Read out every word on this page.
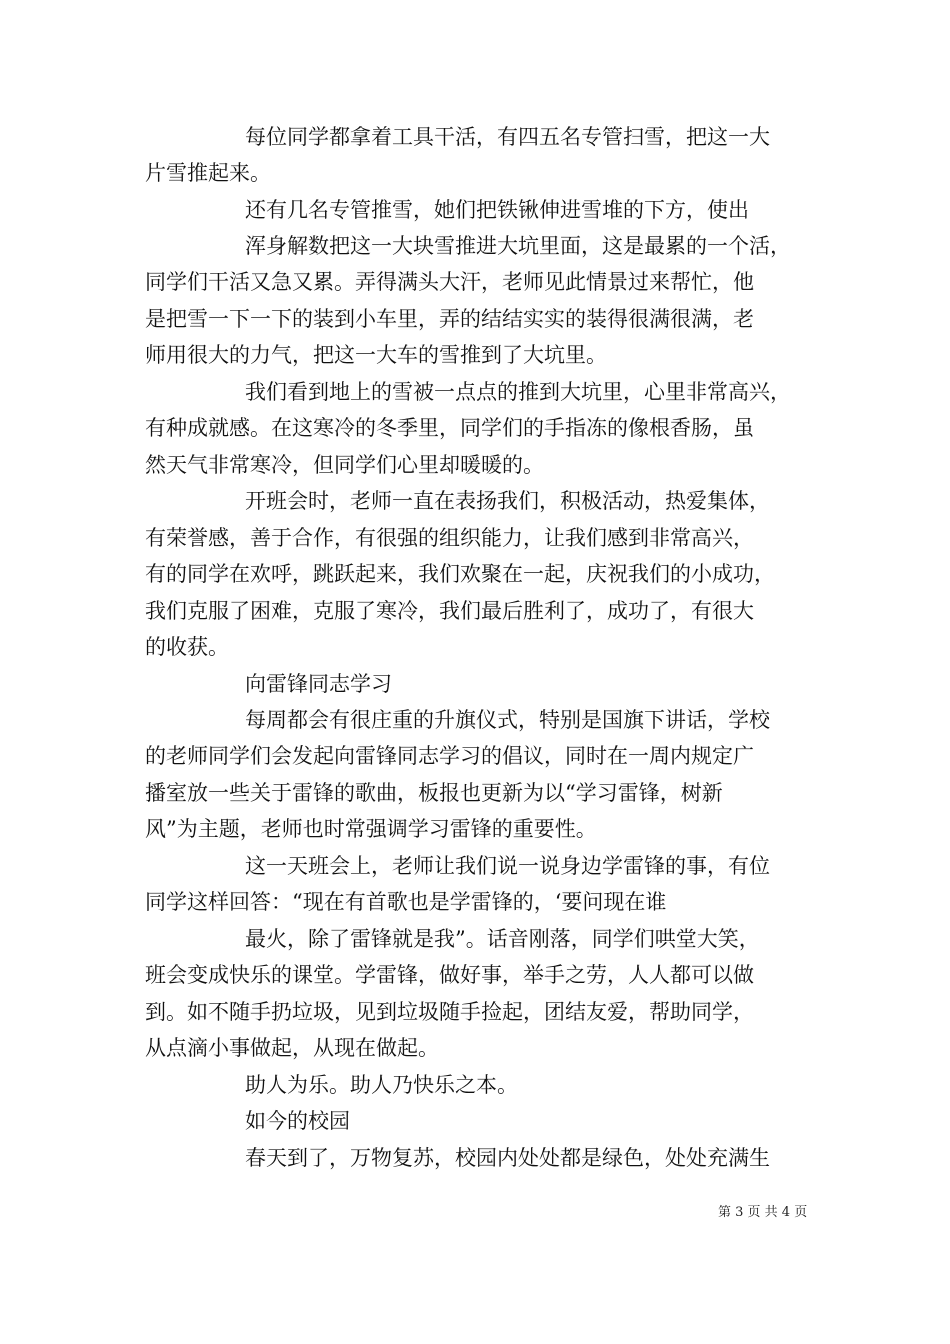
每位同学都拿着工具干活，有四五名专管扫雪，把这一大
片雪推起来。
还有几名专管推雪，她们把铁锹伸进雪堆的下方，使出
浑身解数把这一大块雪推进大坑里面，这是最累的一个活，
同学们干活又急又累。弄得满头大汗，老师见此情景过来帮忙，他
是把雪一下一下的装到小车里，弄的结结实实的装得很满很满，老
师用很大的力气，把这一大车的雪推到了大坑里。
我们看到地上的雪被一点点的推到大坑里，心里非常高兴，
有种成就感。在这寒冷的冬季里，同学们的手指冻的像根香肠，虽
然天气非常寒冷，但同学们心里却暖暖的。
开班会时，老师一直在表扬我们，积极活动，热爱集体，
有荣誉感，善于合作，有很强的组织能力，让我们感到非常高兴，
有的同学在欢呼，跳跃起来，我们欢聚在一起，庆祝我们的小成功，
我们克服了困难，克服了寒冷，我们最后胜利了，成功了，有很大
的收获。
向雷锋同志学习
每周都会有很庄重的升旗仪式，特别是国旗下讲话，学校
的老师同学们会发起向雷锋同志学习的倡议，同时在一周内规定广
播室放一些关于雷锋的歌曲，板报也更新为以“学习雷锋，树新
风”为主题，老师也时常强调学习雷锋的重要性。
这一天班会上，老师让我们说一说身边学雷锋的事，有位
同学这样回答：“现在有首歌也是学雷锋的，‘要问现在谁
最火，除了雷锋就是我”。话音刚落，同学们哄堂大笑，
班会变成快乐的课堂。学雷锋，做好事，举手之劳，人人都可以做
到。如不随手扔垃圾，见到垃圾随手捡起，团结友爱，帮助同学，
从点滴小事做起，从现在做起。
助人为乐。助人乃快乐之本。
如今的校园
春天到了，万物复苏，校园内处处都是绿色，处处充满生
第 3 页 共 4 页
